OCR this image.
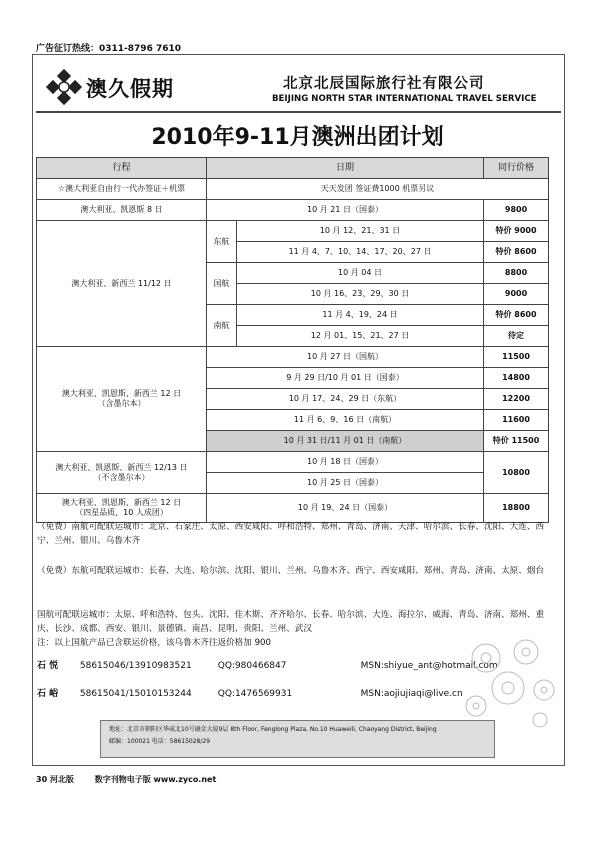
广告征订热线：0311-8796 7610
澳久假期	北京北辰国际旅行社有限公司
BEIJING NORTH STAR INTERNATIONAL TRAVEL SERVICE
2010年9-11月澳洲出团计划
行程	日期		同行价格
☆澳大利亚自由行一代办签证＋机票	天天发团 签证费1000 机票另议		
澳大利亚、凯恩斯 8 日	10 月 21 日（国泰）		9800
澳大利亚、新西兰 11/12 日	东航	10 月 12、21、31 日	特价 9000
		11 月 4、7、10、14、17、20、27 日	特价 8600
	国航	10 月 04 日	8800
		10 月 16、23、29、30 日	9000
	南航	11 月 4、19、24 日	特价 8600
		12 月 01、15、21、27 日	待定
澳大利亚、凯恩斯、新西兰 12 日
（含墨尔本）	10 月 27 日（国航）		11500
	9 月 29 日/10 月 01 日（国泰）		14800
	10 月 17、24、29 日（东航）		12200
	11 月 6、9、16 日（南航）		11600
	10 月 31 日/11 月 01 日（南航）		特价 11500
澳大利亚、凯恩斯、新西兰 12/13 日
（不含墨尔本）	10 月 18 日（国泰）		10800
	10 月 25 日（国泰）		
澳大利亚、凯恩斯、新西兰 12 日
（四星品质，10 人成团）	10 月 19、24 日（国泰）		18800
（免费）南航可配联运城市：北京、石家庄、太原、西安咸阳、呼和浩特、郑州、青岛、济南、天津、哈尔滨、长春、沈阳、大连、西宁、兰州、银川、乌鲁木齐
（免费）东航可配联运城市：长春、大连、哈尔滨、沈阳、银川、兰州、乌鲁木齐、西宁、西安咸阳、郑州、青岛、济南、太原、烟台
国航可配联运城市：太原、呼和浩特、包头、沈阳、佳木斯、齐齐哈尔、长春、哈尔滨、大连、海拉尔、威海、青岛、济南、郑州、重庆、长沙、成都、西安、银川、景德镇、南昌、昆明、贵阳、兰州、武汉
注：以上国航产品已含联运价格，该乌鲁木齐往返价格加 900
石 悦 58615046/13910983521	QQ:980466847	MSN:shiyue_ant@hotmail.com
石 峪 58615041/15010153244	QQ:1476569931	MSN:aojiujiaqi@live.cn
地址：北京市朝阳区华威北10号融金大厦9层 8th Floor, Fenglong Plaza, No.10 Huaweili, Chaoyang District, Beijing
邮编：100021 电话：58615028/29
30 河北版	数字刊物电子版 www.zyco.net
